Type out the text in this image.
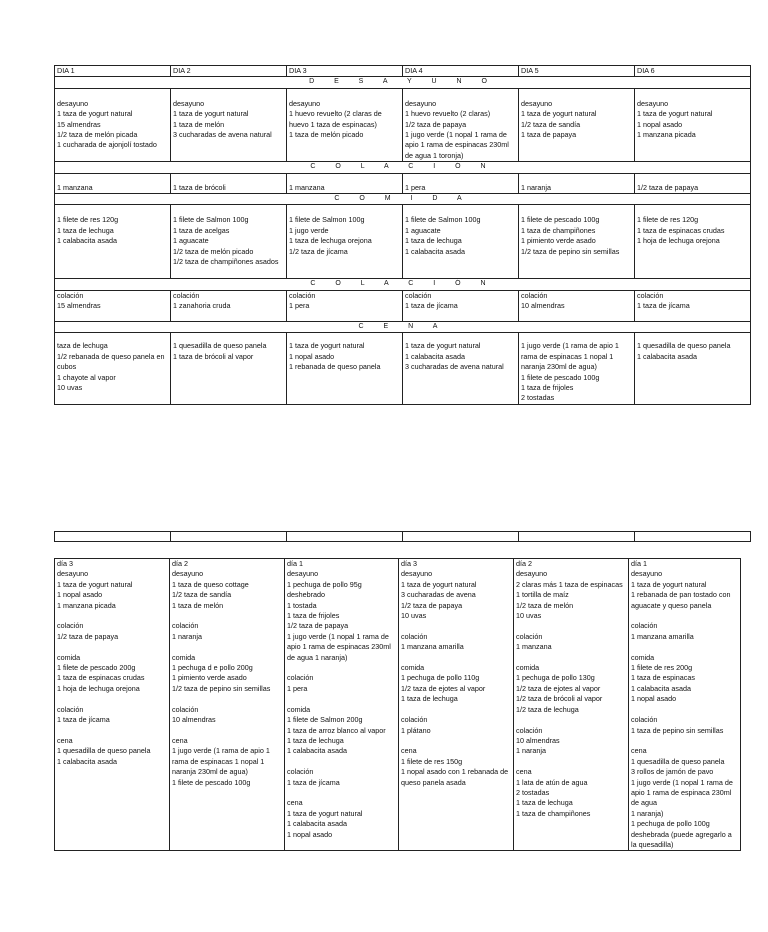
DIA 1	DIA 2	DIA 3	DIA 4	DIA 5	DIA 6
D E S A Y U N O					
desayuno
1 taza de yogurt natural
15 almendras
1/2 taza de melón picada
1 cucharada de ajonjolí tostado	desayuno
1 taza de yogurt natural
1 taza de melón
3 cucharadas de avena natural	desayuno
1 huevo revuelto (2 claras de huevo 1 taza de espinacas)
1 taza de melón picado	desayuno
1 huevo revuelto (2 claras)
1/2 taza de papaya
1 jugo verde (1 nopal 1 rama de apio 1 rama de espinacas 230ml de agua 1 toronja)	desayuno
1 taza de yogurt natural
1/2 taza de sandía
1 taza de papaya	desayuno
1 taza de yogurt natural
1 nopal asado
1 manzana picada
C O L A C I Ó N					
1 manzana	1 taza de brócoli	1 manzana	1 pera	1 naranja	1/2 taza de papaya
C O M I D A					
1 filete de res 120g
1 taza de lechuga
1 calabacita asada	1 filete de Salmon 100g
1 taza de acelgas
1 aguacate
1/2 taza de melón picado
1/2 taza de champiñones asados	1 filete de Salmon 100g
1 jugo verde
1 taza de lechuga orejona
1/2 taza de jícama	1 filete de Salmon 100g
1 aguacate
1 taza de lechuga
1 calabacita asada	1 filete de pescado 100g
1 taza de champiñones
1 pimiento verde asado
1/2 taza de pepino sin semillas	1 filete de res 120g
1 taza de espinacas crudas
1 hoja de lechuga orejona
C O L A C I Ó N					
colación
15 almendras	colación
1 zanahoria cruda	colación
1 pera	colación
1 taza de jícama	colación
10 almendras	colación
1 taza de jícama
C E N A					
taza de lechuga
1/2 rebanada de queso panela en cubos
1 chayote al vapor
10 uvas	1 quesadilla de queso panela
1 taza de brócoli al vapor	1 taza de yogurt natural
1 nopal asado
1 rebanada de queso panela	1 taza de yogurt natural
1 calabacita asada
3 cucharadas de avena natural	1 jugo verde (1 rama de apio 1 rama de espinacas 1 nopal 1 naranja 230ml de agua)
1 filete de pescado 100g
1 taza de frijoles
2 tostadas	1 quesadilla de queso panela
1 calabacita asada

día 3
desayuno
1 taza de yogurt natural
1 nopal asado
1 manzana picada

colación
1/2 taza de papaya

comida
1 filete de pescado 200g
1 taza de espinacas crudas
1 hoja de lechuga orejona

colación
1 taza de jícama

cena
1 quesadilla de queso panela
1 calabacita asada	día 2
desayuno
1 taza de queso cottage
1/2 taza de sandía
1 taza de melón

colación
1 naranja

comida
1 pechuga d e pollo 200g
1 pimiento verde asado
1/2 taza de pepino sin semillas

colación
10 almendras

cena
1 jugo verde (1 rama de apio 1 rama de espinacas 1 nopal 1 naranja 230ml de agua)
1 filete de pescado 100g	día 1
desayuno
1 pechuga de pollo 95g deshebrado
1 tostada
1 taza de frijoles
1/2 taza de papaya
1 jugo verde (1 nopal 1 rama de apio 1 rama de espinacas 230ml de agua 1 naranja)

colación
1 pera

comida
1 filete de Salmon 200g
1 taza de arroz blanco al vapor
1 taza de lechuga
1 calabacita asada

colación
1 taza de jícama

cena
1 taza de yogurt natural
1 calabacita asada
1 nopal asado	día 3
desayuno
1 taza de yogurt natural
3 cucharadas de avena
1/2 taza de papaya
10 uvas

colación
1 manzana amarilla

comida
1 pechuga de pollo 110g
1/2 taza de ejotes al vapor
1 taza de lechuga

colación
1 plátano

cena
1 filete de res 150g
1 nopal asado con 1 rebanada de queso panela asada	día 2
desayuno
2 claras más 1 taza de espinacas
1 tortilla de maíz
1/2 taza de melón
10 uvas

colación
1 manzana

comida
1 pechuga de pollo 130g
1/2 taza de ejotes al vapor
1/2 taza de brócoli al vapor
1/2 taza de lechuga

colación
10 almendras
1 naranja

cena
1 lata de atún de agua
2 tostadas
1 taza de lechuga
1 taza de champiñones	día 1
desayuno
1 taza de yogurt natural
1 rebanada de pan tostado con aguacate y queso panela

colación
1 manzana amarilla

comida
1 filete de res 200g
1 taza de espinacas
1 calabacita asada
1 nopal asado

colación
1 taza de pepino sin semillas

cena
1 quesadilla de queso panela
3 rollos de jamón de pavo
1 jugo verde (1 nopal 1 rama de apio 1 rama de espinaca 230ml de agua
1 naranja)
1 pechuga de pollo 100g deshebrada (puede agregarlo a la quesadilla)
